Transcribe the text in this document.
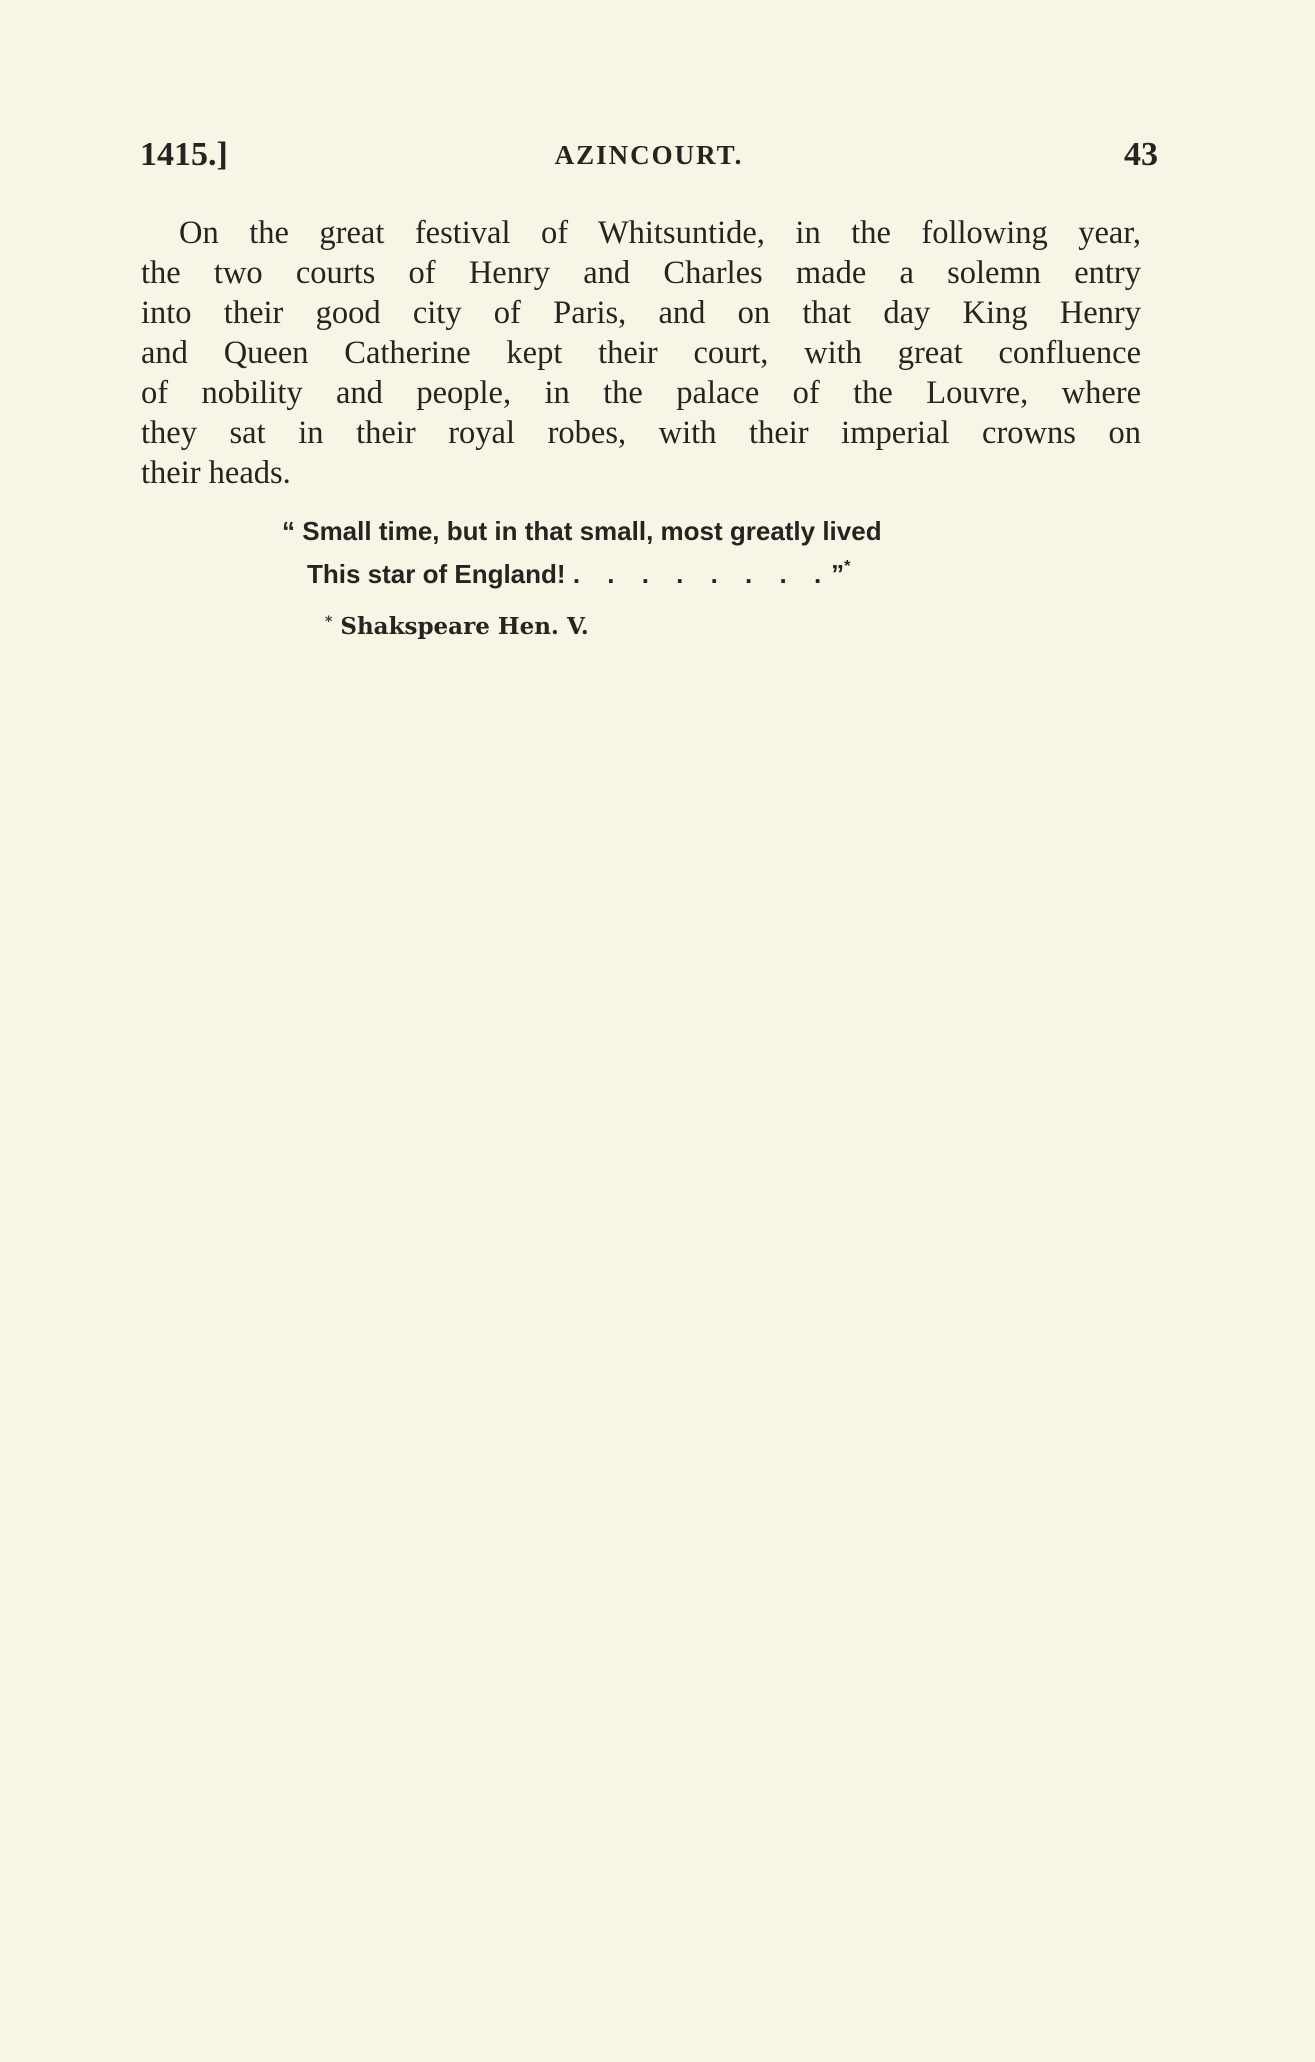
1415.]	AZINCOURT.	43
On the great festival of Whitsuntide, in the following year,
the two courts of Henry and Charles made a solemn entry
into their good city of Paris, and on that day King Henry
and Queen Catherine kept their court, with great confluence
of nobility and people, in the palace of the Louvre, where
they sat in their royal robes, with their imperial crowns on
their heads.
“ Small time, but in that small, most greatly lived
This star of England! . . . . . . . .”*
* Shakspeare Hen. V.
